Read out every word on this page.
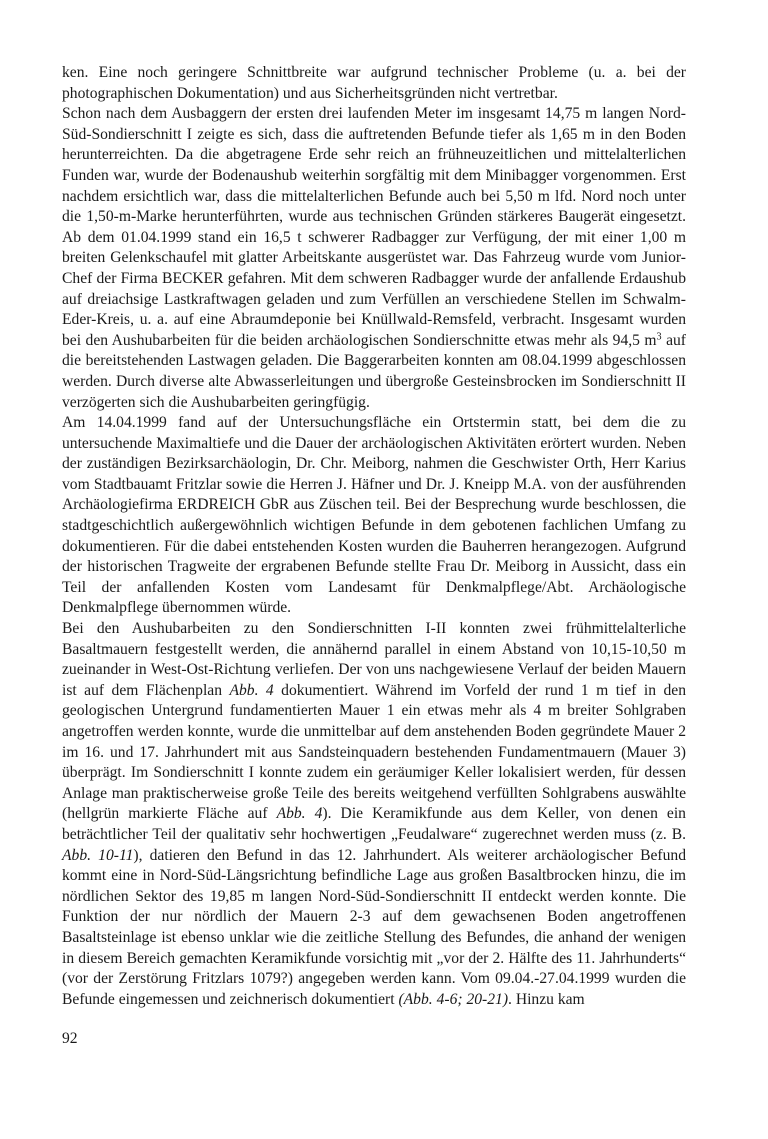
ken. Eine noch geringere Schnittbreite war aufgrund technischer Probleme (u. a. bei der photographischen Dokumentation) und aus Sicherheitsgründen nicht vertretbar.

Schon nach dem Ausbaggern der ersten drei laufenden Meter im insgesamt 14,75 m langen Nord-Süd-Sondierschnitt I zeigte es sich, dass die auftretenden Befunde tiefer als 1,65 m in den Boden herunterreichten. Da die abgetragene Erde sehr reich an frühneuzeitlichen und mittelalterlichen Funden war, wurde der Bodenaushub weiterhin sorgfältig mit dem Minibagger vorgenommen. Erst nachdem ersichtlich war, dass die mittelalterlichen Befunde auch bei 5,50 m lfd. Nord noch unter die 1,50-m-Marke herunterführten, wurde aus technischen Gründen stärkeres Baugerät eingesetzt. Ab dem 01.04.1999 stand ein 16,5 t schwerer Radbagger zur Verfügung, der mit einer 1,00 m breiten Gelenkschaufel mit glatter Arbeitskante ausgerüstet war. Das Fahrzeug wurde vom Junior-Chef der Firma BECKER gefahren. Mit dem schweren Radbagger wurde der anfallende Erdaushub auf dreiachsige Lastkraftwagen geladen und zum Verfüllen an verschiedene Stellen im Schwalm-Eder-Kreis, u. a. auf eine Abraumdeponie bei Knüllwald-Remsfeld, verbracht. Insgesamt wurden bei den Aushubarbeiten für die beiden archäologischen Sondierschnitte etwas mehr als 94,5 $m^3$ auf die bereitstehenden Lastwagen geladen. Die Baggerarbeiten konnten am 08.04.1999 abgeschlossen werden. Durch diverse alte Abwasserleitungen und übergroße Gesteinsbrocken im Sondierschnitt II verzögerten sich die Aushubarbeiten geringfügig.

Am 14.04.1999 fand auf der Untersuchungsfläche ein Ortstermin statt, bei dem die zu untersuchende Maximaltiefe und die Dauer der archäologischen Aktivitäten erörtert wurden. Neben der zuständigen Bezirksarchäologin, Dr. Chr. Meiborg, nahmen die Geschwister Orth, Herr Karius vom Stadtbauamt Fritzlar sowie die Herren J. Häfner und Dr. J. Kneipp M.A. von der ausführenden Archäologiefirma ERDREICH GbR aus Züschen teil. Bei der Besprechung wurde beschlossen, die stadtgeschichtlich außergewöhnlich wichtigen Befunde in dem gebotenen fachlichen Umfang zu dokumentieren. Für die dabei entstehenden Kosten wurden die Bauherren herangezogen. Aufgrund der historischen Tragweite der ergrabenen Befunde stellte Frau Dr. Meiborg in Aussicht, dass ein Teil der anfallenden Kosten vom Landesamt für Denkmalpflege/Abt. Archäologische Denkmalpflege übernommen würde.

Bei den Aushubarbeiten zu den Sondierschnitten I-II konnten zwei frühmittelalterliche Basaltmauern festgestellt werden, die annähernd parallel in einem Abstand von 10,15-10,50 m zueinander in West-Ost-Richtung verliefen. Der von uns nachgewiesene Verlauf der beiden Mauern ist auf dem Flächenplan Abb. 4 dokumentiert. Während im Vorfeld der rund 1 m tief in den geologischen Untergrund fundamentierten Mauer 1 ein etwas mehr als 4 m breiter Sohlgraben angetroffen werden konnte, wurde die unmittelbar auf dem anstehenden Boden gegründete Mauer 2 im 16. und 17. Jahrhundert mit aus Sandsteinquadern bestehenden Fundamentmauern (Mauer 3) überprägt. Im Sondierschnitt I konnte zudem ein geräumiger Keller lokalisiert werden, für dessen Anlage man praktischerweise große Teile des bereits weitgehend verfüllten Sohlgrabens auswählte (hellgrün markierte Fläche auf Abb. 4). Die Keramikfunde aus dem Keller, von denen ein beträchtlicher Teil der qualitativ sehr hochwertigen „Feudalware“ zugerechnet werden muss (z. B. Abb. 10-11), datieren den Befund in das 12. Jahrhundert. Als weiterer archäologischer Befund kommt eine in Nord-Süd-Längsrichtung befindliche Lage aus großen Basaltbrocken hinzu, die im nördlichen Sektor des 19,85 m langen Nord-Süd-Sondierschnitt II entdeckt werden konnte. Die Funktion der nur nördlich der Mauern 2-3 auf dem gewachsenen Boden angetroffenen Basaltsteinlage ist ebenso unklar wie die zeitliche Stellung des Befundes, die anhand der wenigen in diesem Bereich gemachten Keramikfunde vorsichtig mit „vor der 2. Hälfte des 11. Jahrhunderts“ (vor der Zerstörung Fritzlars 1079?) angegeben werden kann. Vom 09.04.-27.04.1999 wurden die Befunde eingemessen und zeichnerisch dokumentiert (Abb. 4-6; 20-21). Hinzu kam

92
